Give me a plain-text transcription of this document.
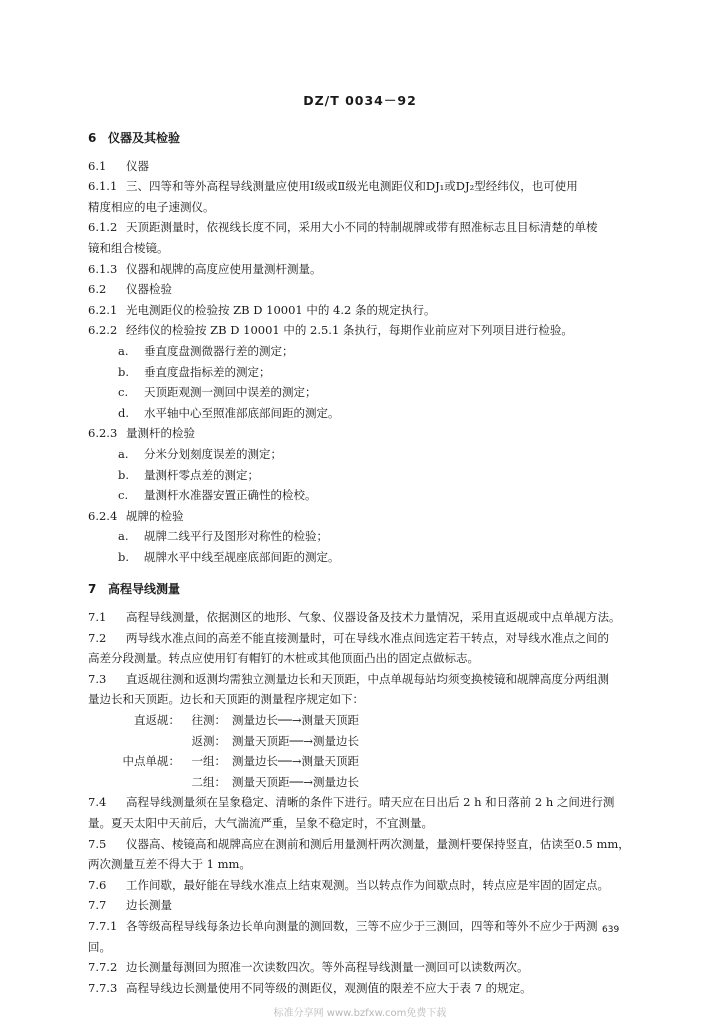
DZ/T 0034－92
6 仪器及其检验
6.1 仪器
6.1.1 三、四等和等外高程导线测量应使用Ⅰ级或Ⅱ级光电测距仪和DJ₁或DJ₂型经纬仪，也可使用
精度相应的电子速测仪。
6.1.2 天顶距测量时，依视线长度不同，采用大小不同的特制觇牌或带有照准标志且目标清楚的单棱
镜和组合棱镜。
6.1.3 仪器和觇牌的高度应使用量测杆测量。
6.2 仪器检验
6.2.1 光电测距仪的检验按 ZB D 10001 中的 4.2 条的规定执行。
6.2.2 经纬仪的检验按 ZB D 10001 中的 2.5.1 条执行，每期作业前应对下列项目进行检验。
a. 垂直度盘测微器行差的测定；
b. 垂直度盘指标差的测定；
c. 天顶距观测一测回中误差的测定；
d. 水平轴中心至照准部底部间距的测定。
6.2.3 量测杆的检验
a. 分米分划刻度误差的测定；
b. 量测杆零点差的测定；
c. 量测杆水准器安置正确性的检校。
6.2.4 觇牌的检验
a. 觇牌二线平行及图形对称性的检验；
b. 觇牌水平中线至觇座底部间距的测定。
7 高程导线测量
7.1 高程导线测量，依据测区的地形、气象、仪器设备及技术力量情况，采用直返觇或中点单觇方法。
7.2 两导线水准点间的高差不能直接测量时，可在导线水准点间选定若干转点，对导线水准点之间的
高差分段测量。转点应使用钉有帽钉的木桩或其他顶面凸出的固定点做标志。
7.3 直返觇往测和返测均需独立测量边长和天顶距，中点单觇每站均须变换棱镜和觇牌高度分两组测
量边长和天顶距。边长和天顶距的测量程序规定如下：
直返觇：	往测： 测量边长──→测量天顶距
返测： 测量天顶距──→测量边长
中点单觇：	一组： 测量边长──→测量天顶距
二组： 测量天顶距──→测量边长
7.4 高程导线测量须在呈象稳定、清晰的条件下进行。晴天应在日出后 2 h 和日落前 2 h 之间进行测
量。夏天太阳中天前后，大气湍流严重，呈象不稳定时，不宜测量。
7.5 仪器高、棱镜高和觇牌高应在测前和测后用量测杆两次测量，量测杆要保持竖直，估读至0.5 mm，
两次测量互差不得大于 1 mm。
7.6 工作间歇，最好能在导线水准点上结束观测。当以转点作为间歇点时，转点应是牢固的固定点。
7.7 边长测量
7.7.1 各等级高程导线每条边长单向测量的测回数，三等不应少于三测回，四等和等外不应少于两测
回。
7.7.2 边长测量每测回为照准一次读数四次。等外高程导线测量一测回可以读数两次。
7.7.3 高程导线边长测量使用不同等级的测距仪，观测值的限差不应大于表 7 的规定。
639
标准分享网 www.bzfxw.com免费下载
